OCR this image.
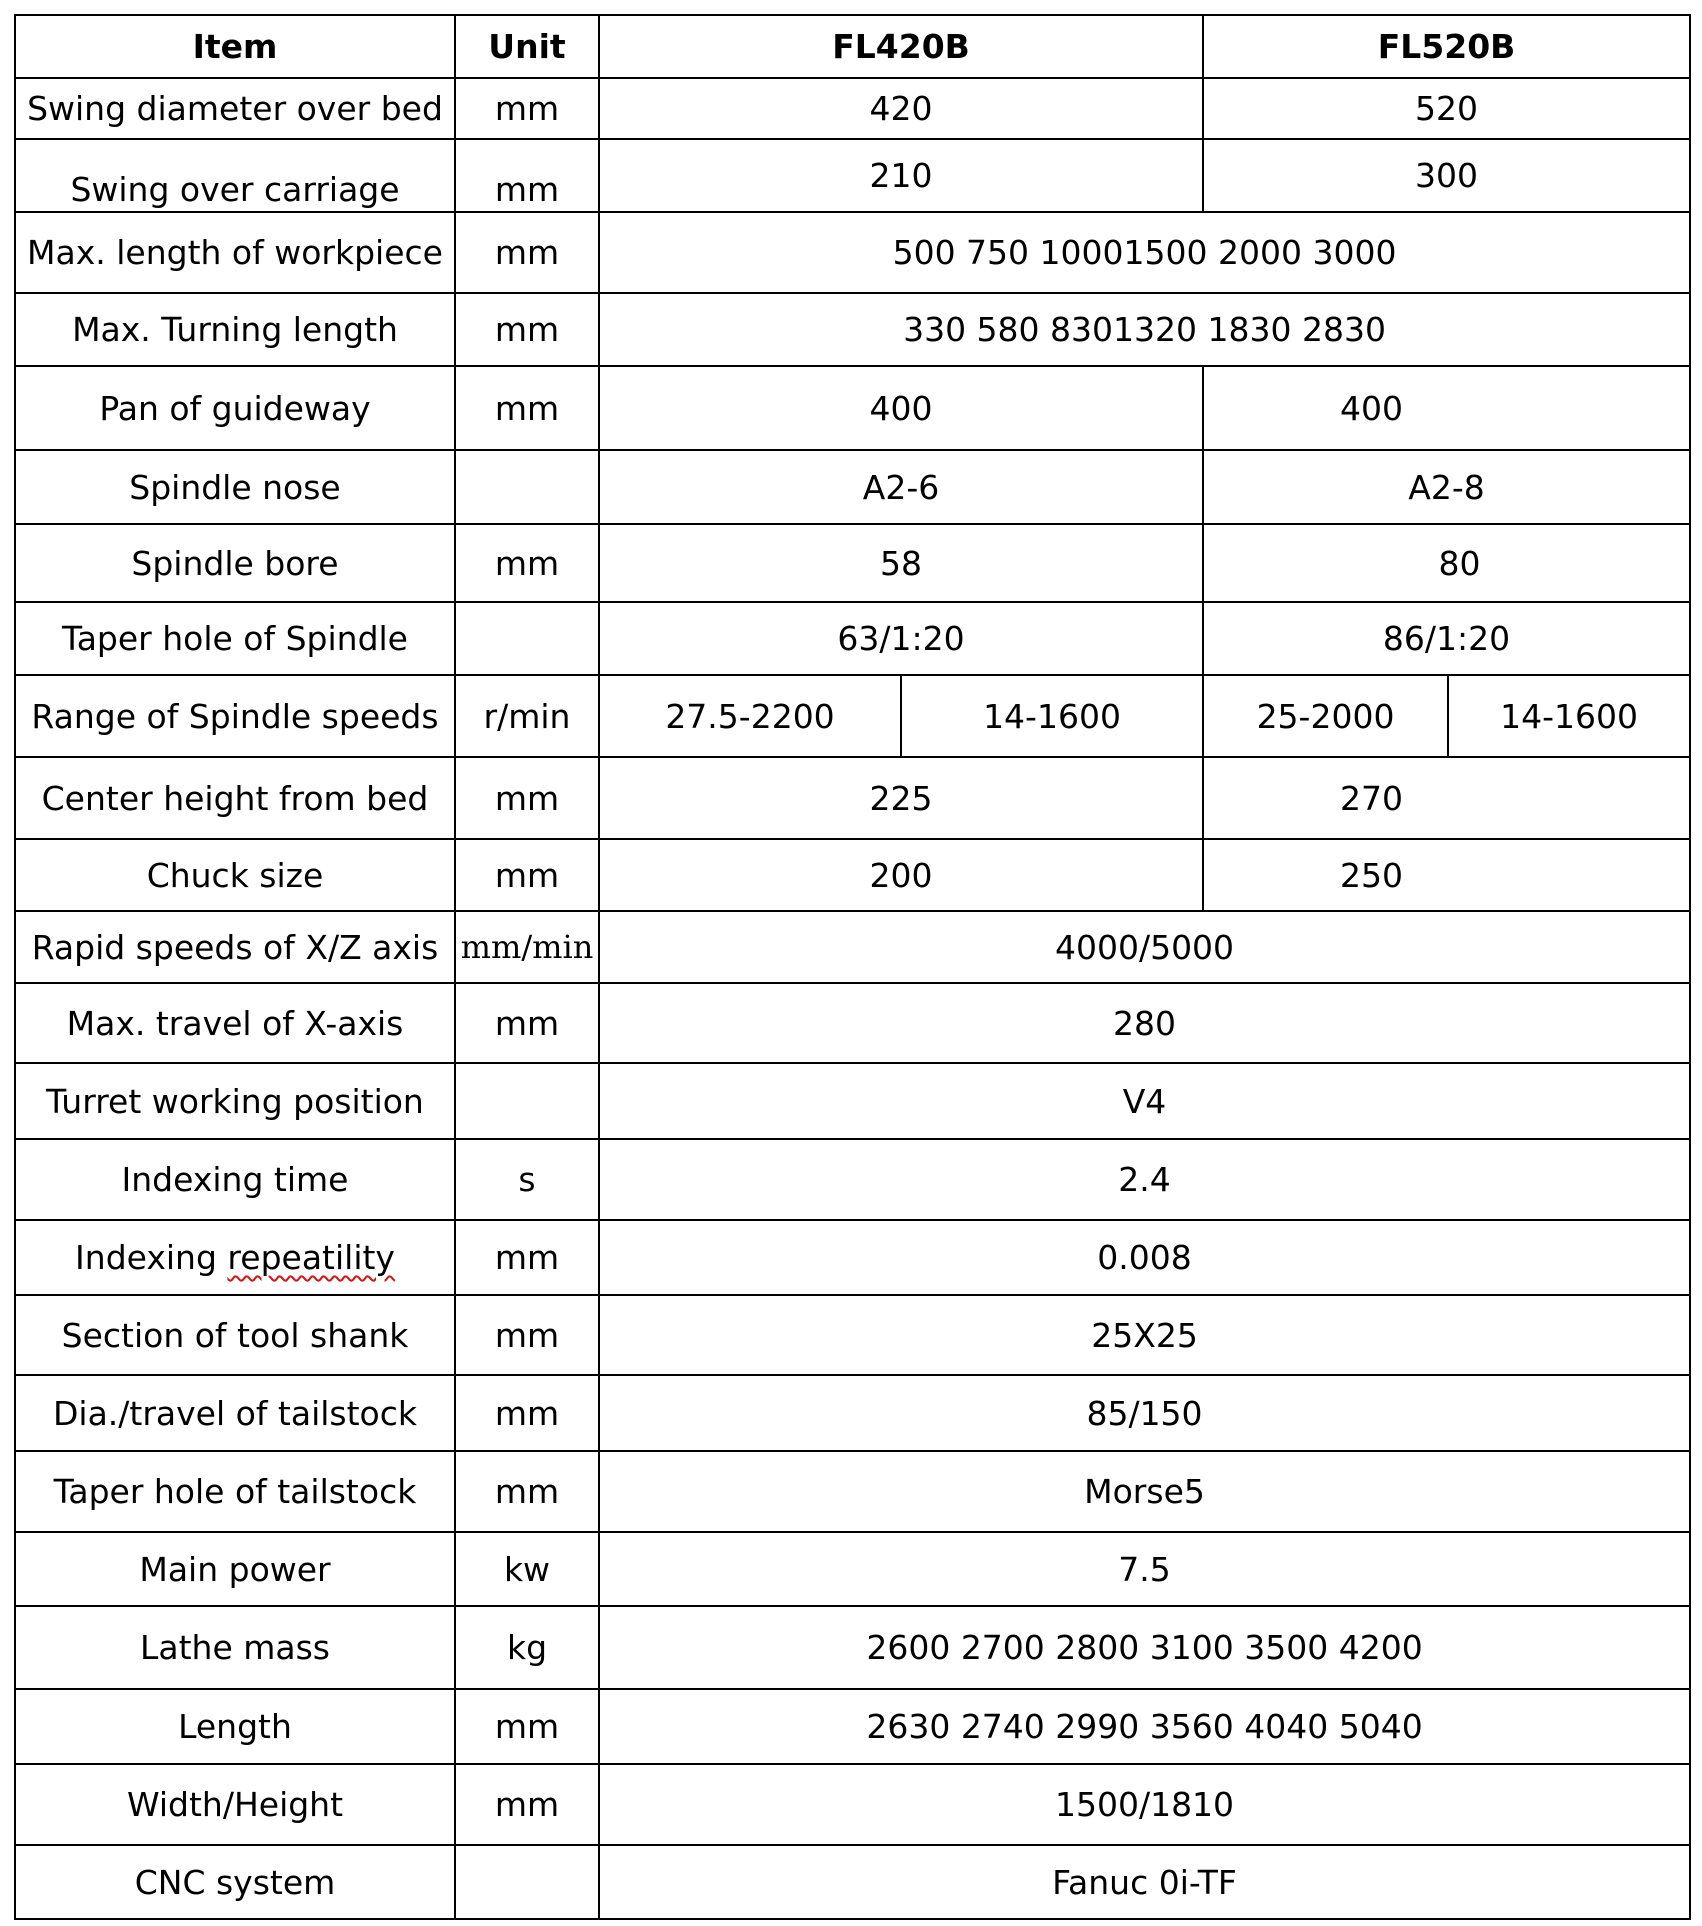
Item	Unit	FL420B		FL520B	
Swing diameter over bed	mm	420		520	
Swing over carriage	mm	210		300	
Max. length of workpiece	mm	500 750 10001500 2000 3000			
Max. Turning length	mm	330 580 8301320 1830 2830			
Pan of guideway	mm	400		400	
Spindle nose		A2-6		A2-8	
Spindle bore	mm	58		80	
Taper hole of Spindle		63/1:20		86/1:20	
Range of Spindle speeds	r/min	27.5-2200	14-1600	25-2000	14-1600
Center height from bed	mm	225		270	
Chuck size	mm	200		250	
Rapid speeds of X/Z axis	mm/min	4000/5000			
Max. travel of X-axis	mm	280			
Turret working position		V4			
Indexing time	s	2.4			
Indexing repeatility	mm	0.008			
Section of tool shank	mm	25X25			
Dia./travel of tailstock	mm	85/150			
Taper hole of tailstock	mm	Morse5			
Main power	kw	7.5			
Lathe mass	kg	2600 2700 2800 3100 3500 4200			
Length	mm	2630 2740 2990 3560 4040 5040			
Width/Height	mm	1500/1810			
CNC system		Fanuc 0i-TF			
